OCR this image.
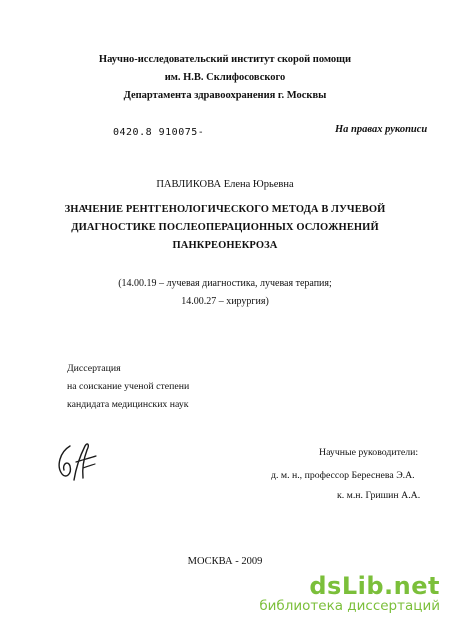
Научно-исследовательский институт скорой помощи
им. Н.В. Склифосовского
Департамента здравоохранения г. Москвы
0420.8 910075-	На правах рукописи
ПАВЛИКОВА Елена Юрьевна
ЗНАЧЕНИЕ РЕНТГЕНОЛОГИЧЕСКОГО МЕТОДА В ЛУЧЕВОЙ
ДИАГНОСТИКЕ ПОСЛЕОПЕРАЦИОННЫХ ОСЛОЖНЕНИЙ
ПАНКРЕОНЕКРОЗА
(14.00.19 – лучевая диагностика, лучевая терапия;
14.00.27 – хирургия)
Диссертация
на соискание ученой степени
кандидата медицинских наук
Научные руководители:
д. м. н., профессор Береснева Э.А.
к. м.н. Гришин А.А.
МОСКВА - 2009
dsLib.net
библиотека диссертаций
